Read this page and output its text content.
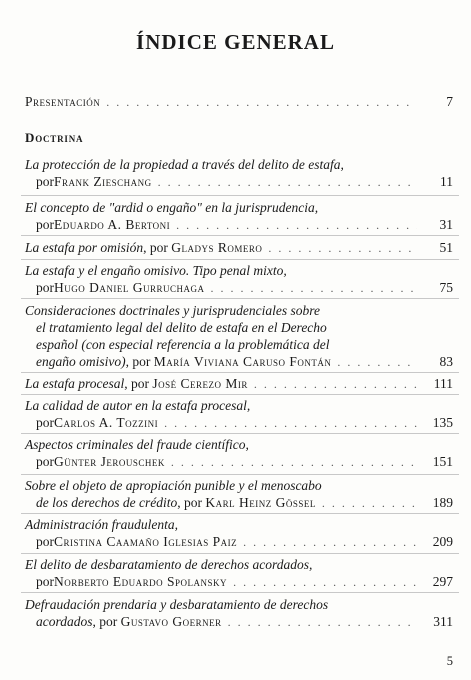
ÍNDICE GENERAL
Presentación . . .	7
Doctrina
La protección de la propiedad a través del delito de estafa,
por Frank Zieschang . . .	11
El concepto de "ardid o engaño" en la jurisprudencia,
por Eduardo A. Bertoni . . .	31
La estafa por omisión , por Gladys Romero . . .	51
La estafa y el engaño omisivo. Tipo penal mixto,
por Hugo Daniel Gurruchaga . . .	75
Consideraciones doctrinales y jurisprudenciales sobre
el tratamiento legal del delito de estafa en el Derecho
español (con especial referencia a la problemática del
engaño omisivo) , por María Viviana Caruso Fontán . . .	83
La estafa procesal , por José Cerezo Mir . . .	111
La calidad de autor en la estafa procesal,
por Carlos A. Tozzini . . .	135
Aspectos criminales del fraude científico,
por Günter Jerouschek . . .	151
Sobre el objeto de apropiación punible y el menoscabo
de los derechos de crédito , por Karl Heinz Gössel . . .	189
Administración fraudulenta,
por Cristina Caamaño Iglesias Paiz . . .	209
El delito de desbaratamiento de derechos acordados,
por Norberto Eduardo Spolansky . . .	297
Defraudación prendaria y desbaratamiento de derechos
acordados , por Gustavo Goerner . . .	311
5
